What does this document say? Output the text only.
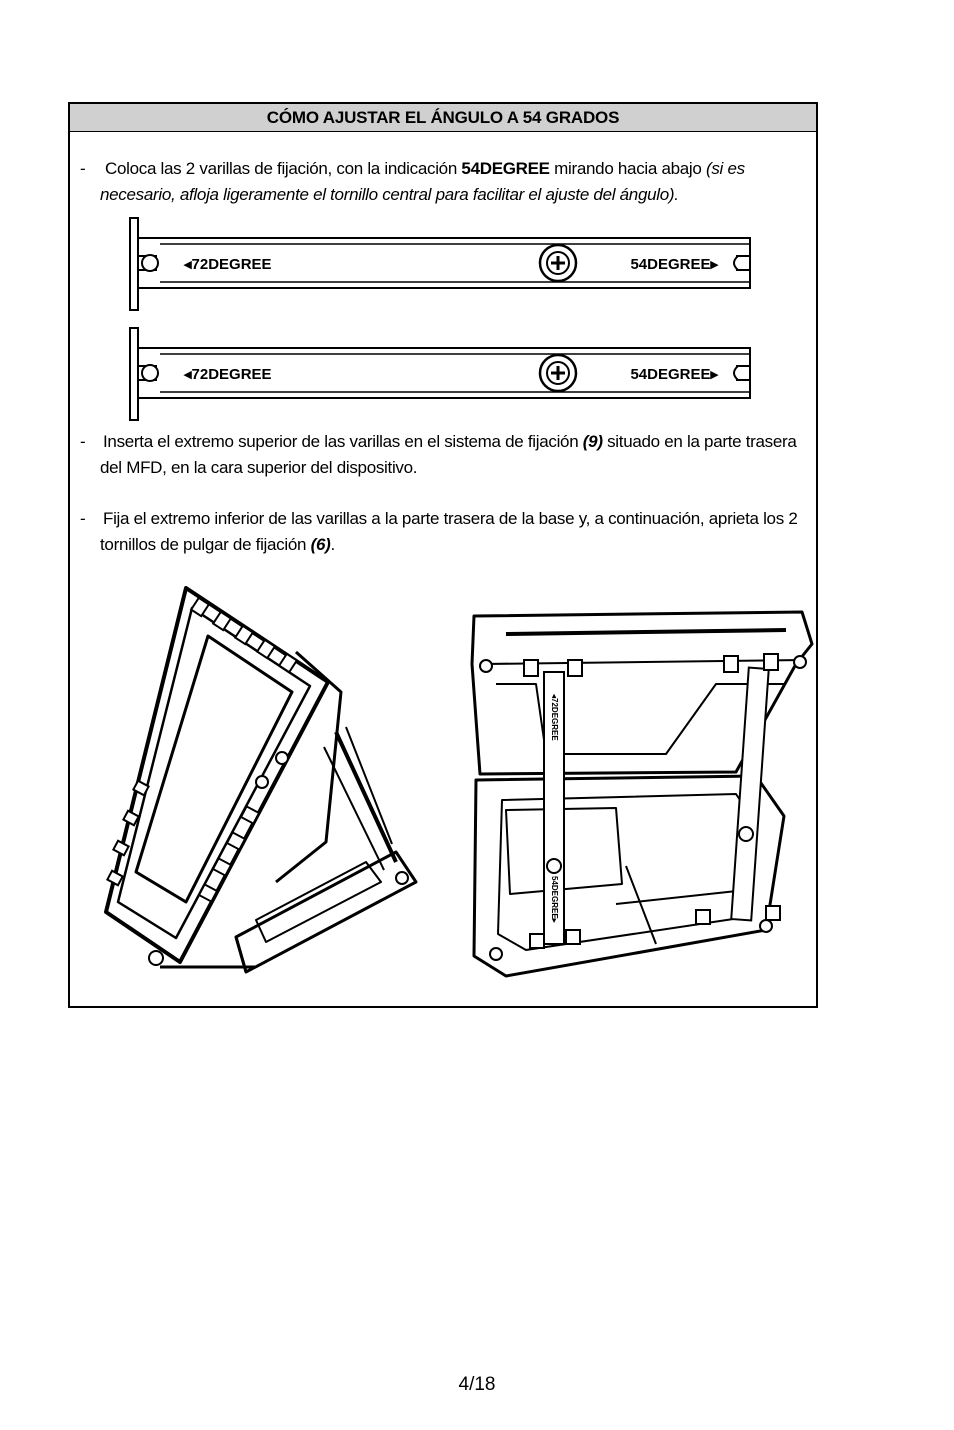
CÓMO AJUSTAR EL ÁNGULO A 54 GRADOS
-	Coloca las 2 varillas de fijación, con la indicación 54DEGREE mirando hacia abajo (si es necesario, afloja ligeramente el tornillo central para facilitar el ajuste del ángulo).
◂72DEGREE	54DEGREE▸
◂72DEGREE	54DEGREE▸
-	Inserta el extremo superior de las varillas en el sistema de fijación (9) situado en la parte trasera del MFD, en la cara superior del dispositivo.
-	Fija el extremo inferior de las varillas a la parte trasera de la base y, a continuación, aprieta los 2 tornillos de pulgar de fijación (6).
◂72DEGREE
54DEGREE▸
4/18
